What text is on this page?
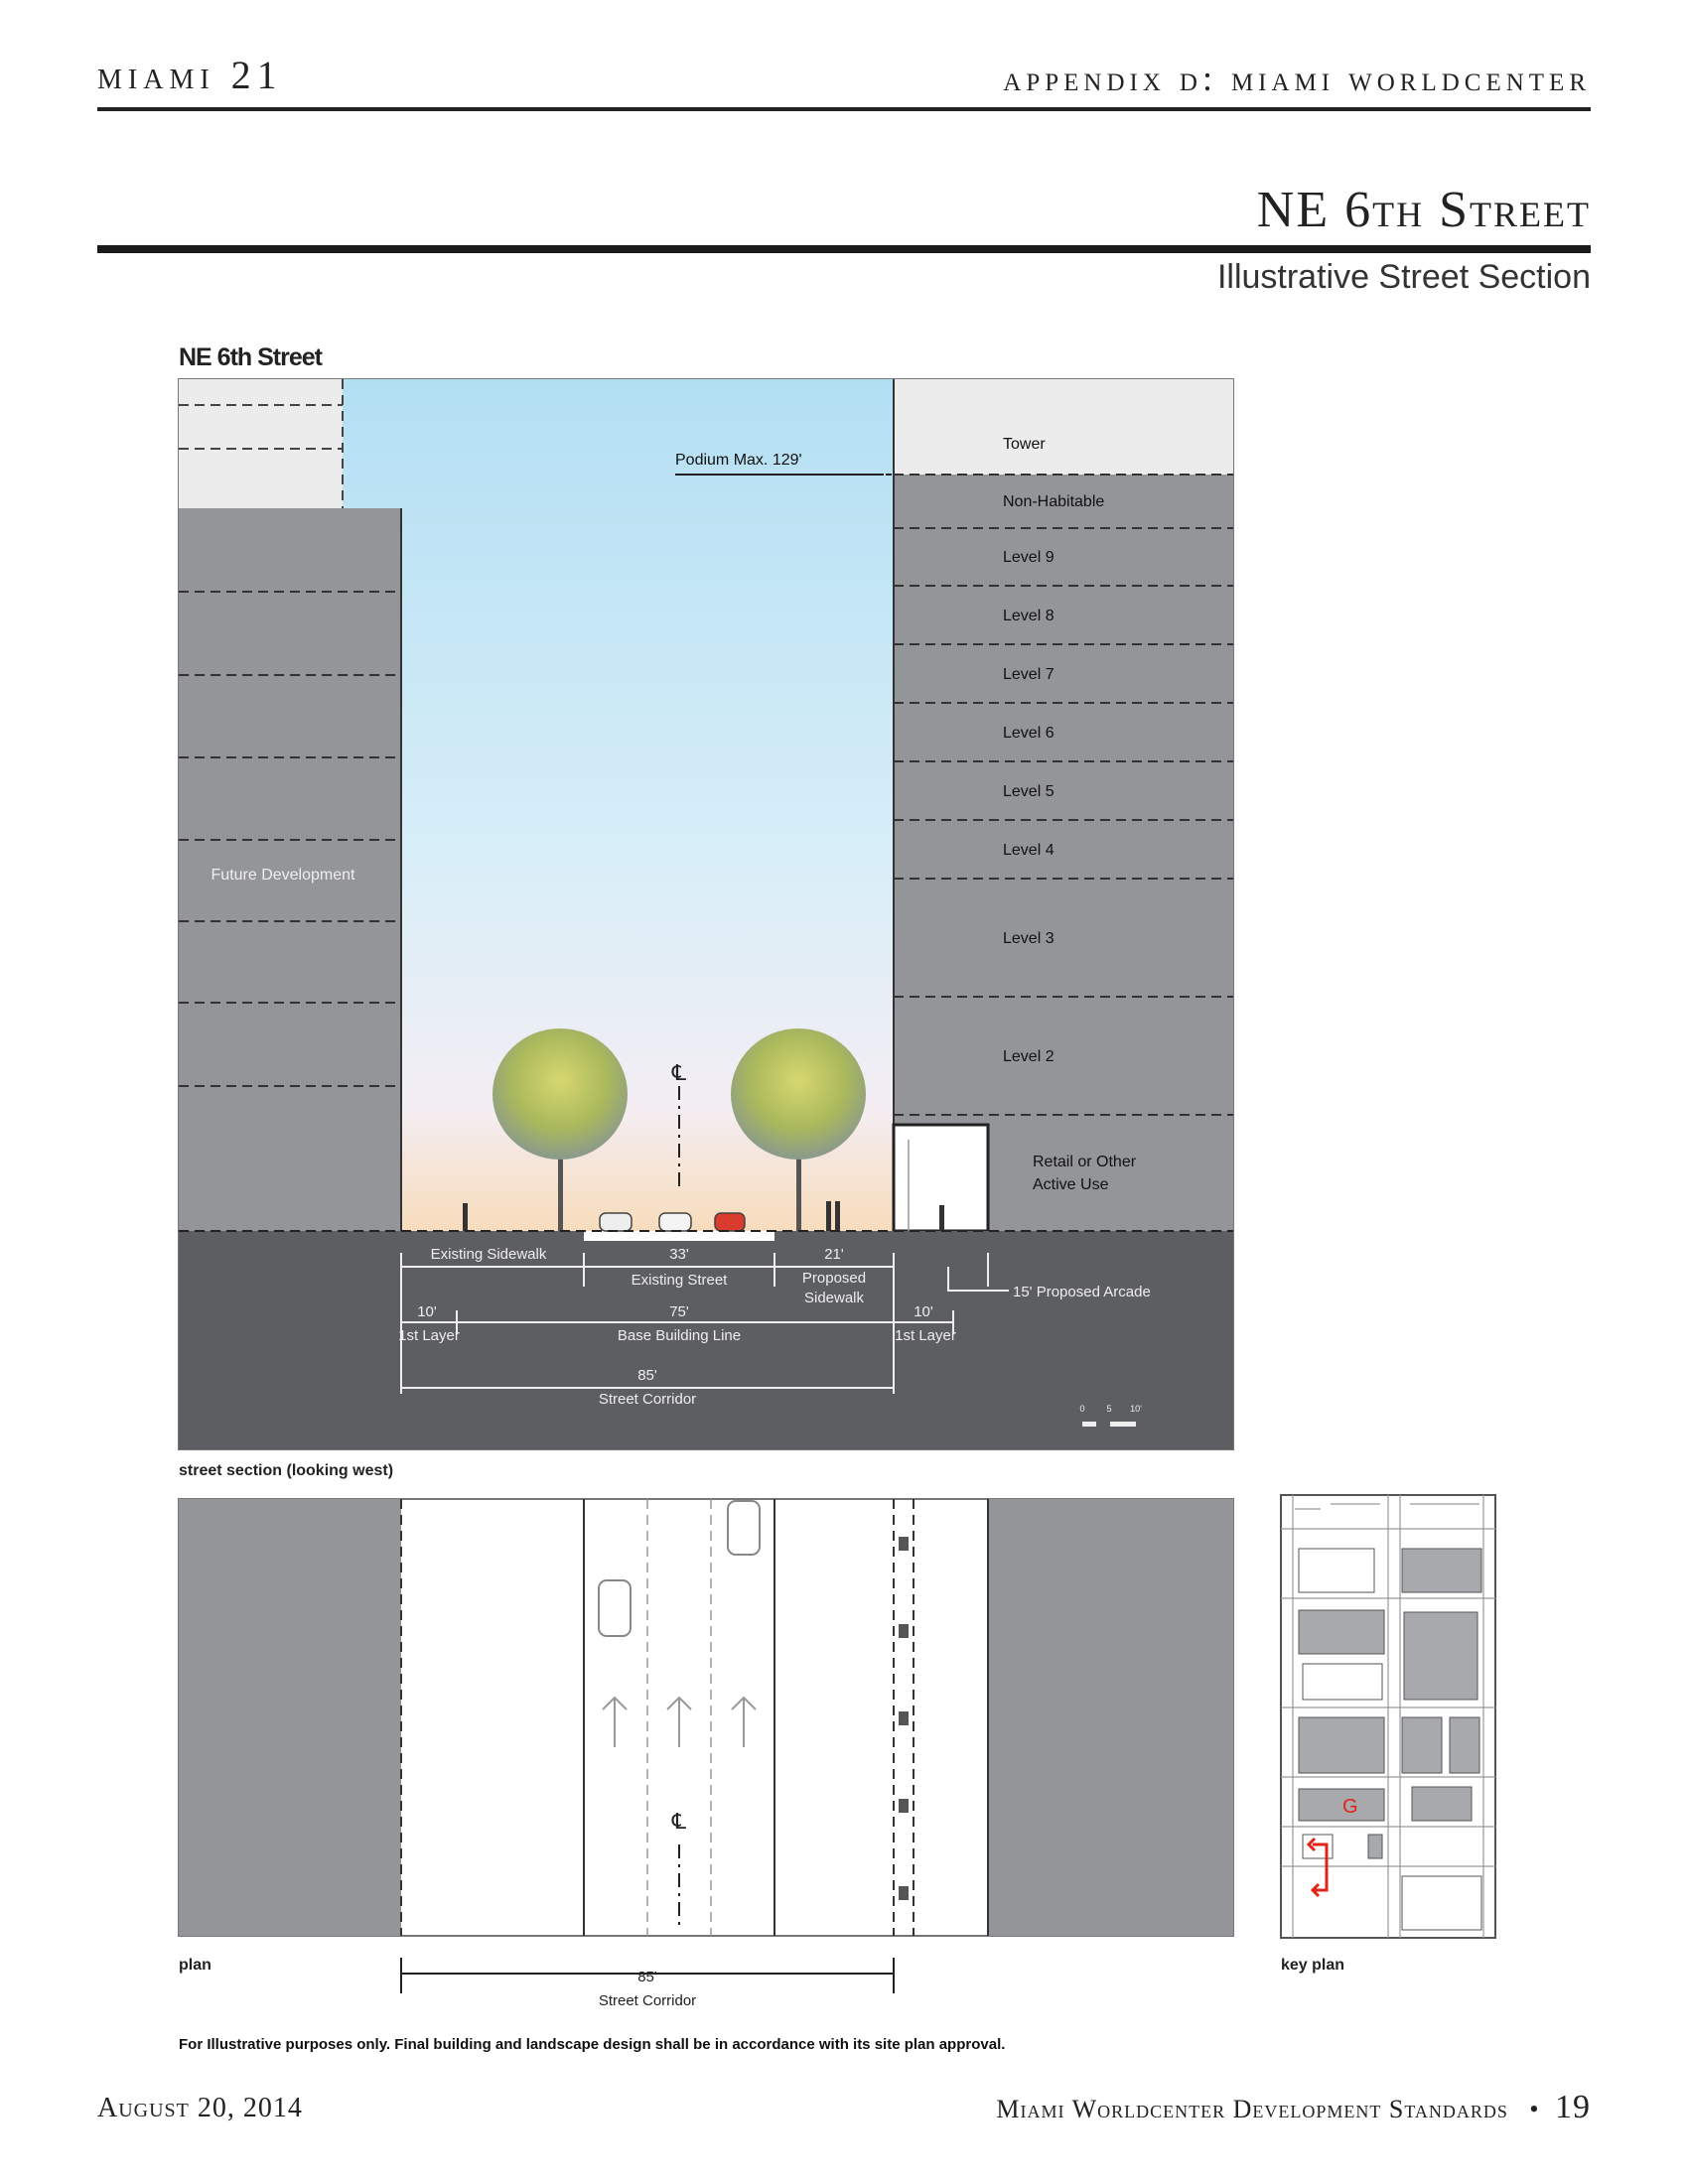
miami 21	appendix d: miami worldcenter
NE 6th Street
Illustrative Street Section
NE 6th Street
Future Development
Tower
Non-Habitable
Level 9
Level 8
Level 7
Level 6
Level 5
Level 4
Level 3
Level 2
Retail or Other
Active Use
Podium Max. 129'
℄
Existing Sidewalk	33'
Existing Street
21'
Proposed
Sidewalk
10'
1st Layer
75'
Base Building Line
10'
1st Layer
85'
Street Corridor
15' Proposed Arcade
0 5 10'
street section (looking west)
℄
plan
85'
Street Corridor
G
key plan
For Illustrative purposes only. Final building and landscape design shall be in accordance with its site plan approval.
August 20, 2014	Miami Worldcenter Development Standards • 19
